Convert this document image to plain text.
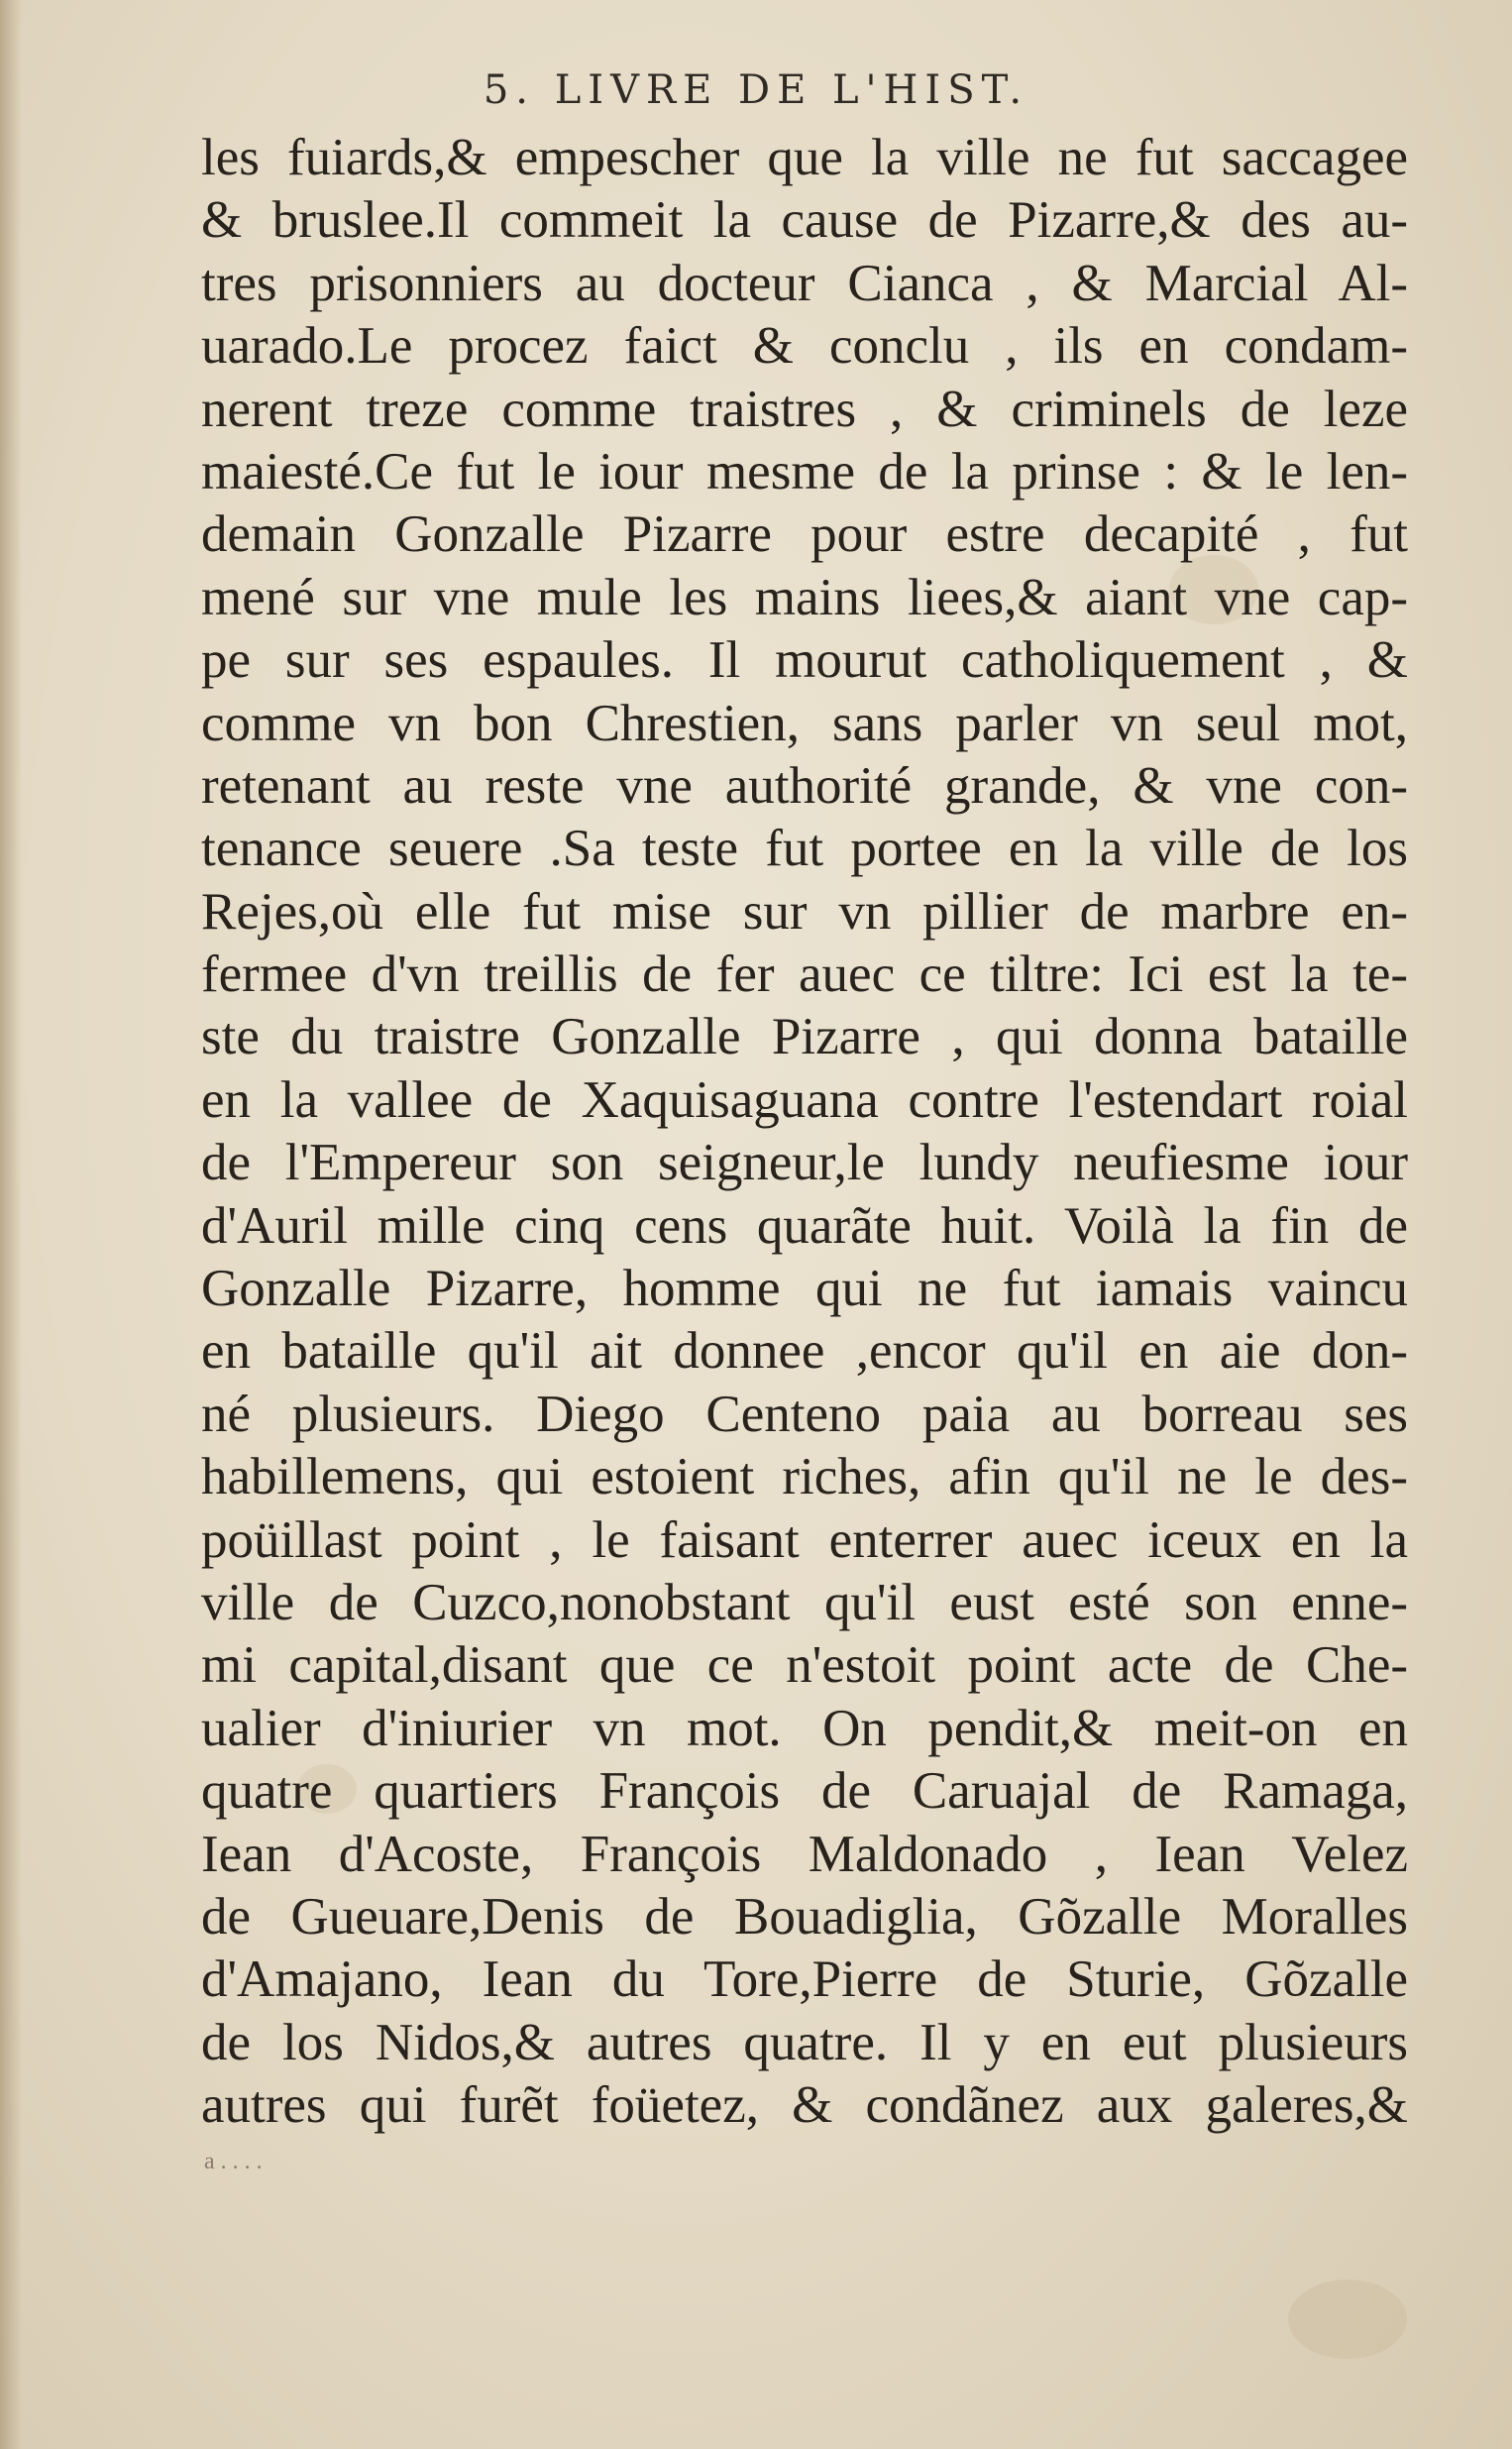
5. LIVRE DE L'HIST.
les fuiards,& empescher que la ville ne fut saccagee
& bruslee.Il commeit la cause de Pizarre,& des au-
tres prisonniers au docteur Cianca , & Marcial Al-
uarado.Le procez faict & conclu , ils en condam-
nerent treze comme traistres , & criminels de leze
maiesté.Ce fut le iour mesme de la prinse : & le len-
demain Gonzalle Pizarre pour estre decapité , fut
mené sur vne mule les mains liees,& aiant vne cap-
pe sur ses espaules. Il mourut catholiquement , &
comme vn bon Chrestien, sans parler vn seul mot,
retenant au reste vne authorité grande, & vne con-
tenance seuere .Sa teste fut portee en la ville de los
Rejes,où elle fut mise sur vn pillier de marbre en-
fermee d'vn treillis de fer auec ce tiltre: Ici est la te-
ste du traistre Gonzalle Pizarre , qui donna bataille
en la vallee de Xaquisaguana contre l'estendart roial
de l'Empereur son seigneur,le lundy neufiesme iour
d'Auril mille cinq cens quarãte huit. Voilà la fin de
Gonzalle Pizarre, homme qui ne fut iamais vaincu
en bataille qu'il ait donnee ,encor qu'il en aie don-
né plusieurs. Diego Centeno paia au borreau ses
habillemens, qui estoient riches, afin qu'il ne le des-
poüillast point , le faisant enterrer auec iceux en la
ville de Cuzco,nonobstant qu'il eust esté son enne-
mi capital,disant que ce n'estoit point acte de Che-
ualier d'iniurier vn mot. On pendit,& meit-on en
quatre quartiers François de Caruajal de Ramaga,
Iean d'Acoste, François Maldonado , Iean Velez
de Gueuare,Denis de Bouadiglia, Gõzalle Moralles
d'Amajano, Iean du Tore,Pierre de Sturie, Gõzalle
de los Nidos,& autres quatre. Il y en eut plusieurs
autres qui furẽt foüetez, & condãnez aux galeres,&
a....
